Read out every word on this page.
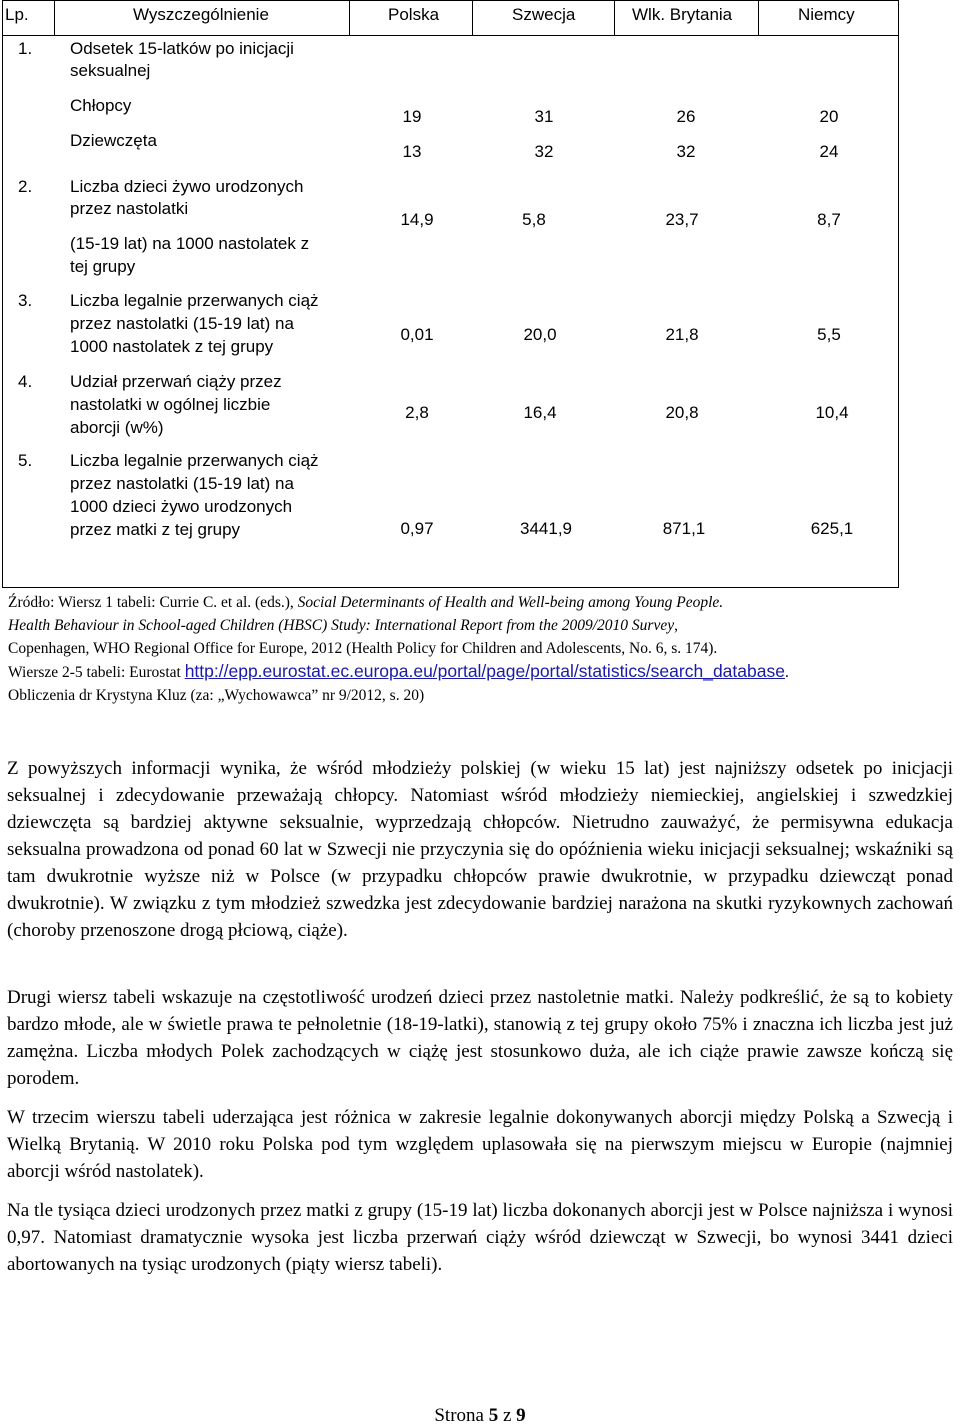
Lp.	Wyszczególnienie	Polska	Szwecja	Wlk. Brytania	Niemcy
1. Odsetek 15-latków po inicjacji
seksualnej
Chłopcy
Dziewczęta
19	31	26	20
13	32	32	24
2. Liczba dzieci żywo urodzonych
przez nastolatki
(15-19 lat) na 1000 nastolatek z
tej grupy
14,9	5,8	23,7	8,7
3. Liczba legalnie przerwanych ciąż
przez nastolatki (15-19 lat) na
1000 nastolatek z tej grupy
0,01	20,0	21,8	5,5
4. Udział przerwań ciąży przez
nastolatki w ogólnej liczbie
aborcji (w%)
2,8	16,4	20,8	10,4
5. Liczba legalnie przerwanych ciąż
przez nastolatki (15-19 lat) na
1000 dzieci żywo urodzonych
przez matki z tej grupy	0,97	3441,9	871,1	625,1
Źródło: Wiersz 1 tabeli: Currie C. et al. (eds.), Social Determinants of Health and Well-being among Young People.
Health Behaviour in School-aged Children (HBSC) Study: International Report from the 2009/2010 Survey,
Copenhagen, WHO Regional Office for Europe, 2012 (Health Policy for Children and Adolescents, No. 6, s. 174).
Wiersze 2-5 tabeli: Eurostat http://epp.eurostat.ec.europa.eu/portal/page/portal/statistics/search_database.
Obliczenia dr Krystyna Kluz (za: „Wychowawca” nr 9/2012, s. 20)

Z powyższych informacji wynika, że wśród młodzieży polskiej (w wieku 15 lat) jest najniższy odsetek po inicjacji seksualnej i zdecydowanie przeważają chłopcy. Natomiast wśród młodzieży niemieckiej, angielskiej i szwedzkiej dziewczęta są bardziej aktywne seksualnie, wyprzedzają chłopców. Nietrudno zauważyć, że permisywna edukacja seksualna prowadzona od ponad 60 lat w Szwecji nie przyczynia się do opóźnienia wieku inicjacji seksualnej; wskaźniki są tam dwukrotnie wyższe niż w Polsce (w przypadku chłopców prawie dwukrotnie, w przypadku dziewcząt ponad dwukrotnie). W związku z tym młodzież szwedzka jest zdecydowanie bardziej narażona na skutki ryzykownych zachowań (choroby przenoszone drogą płciową, ciąże).

Drugi wiersz tabeli wskazuje na częstotliwość urodzeń dzieci przez nastoletnie matki. Należy podkreślić, że są to kobiety bardzo młode, ale w świetle prawa te pełnoletnie (18-19-latki), stanowią z tej grupy około 75% i znaczna ich liczba jest już zamężna. Liczba młodych Polek zachodzących w ciążę jest stosunkowo duża, ale ich ciąże prawie zawsze kończą się porodem.

W trzecim wierszu tabeli uderzająca jest różnica w zakresie legalnie dokonywanych aborcji między Polską a Szwecją i Wielką Brytanią. W 2010 roku Polska pod tym względem uplasowała się na pierwszym miejscu w Europie (najmniej aborcji wśród nastolatek).

Na tle tysiąca dzieci urodzonych przez matki z grupy (15-19 lat) liczba dokonanych aborcji jest w Polsce najniższa i wynosi 0,97. Natomiast dramatycznie wysoka jest liczba przerwań ciąży wśród dziewcząt w Szwecji, bo wynosi 3441 dzieci abortowanych na tysiąc urodzonych (piąty wiersz tabeli).

Strona 5 z 9
